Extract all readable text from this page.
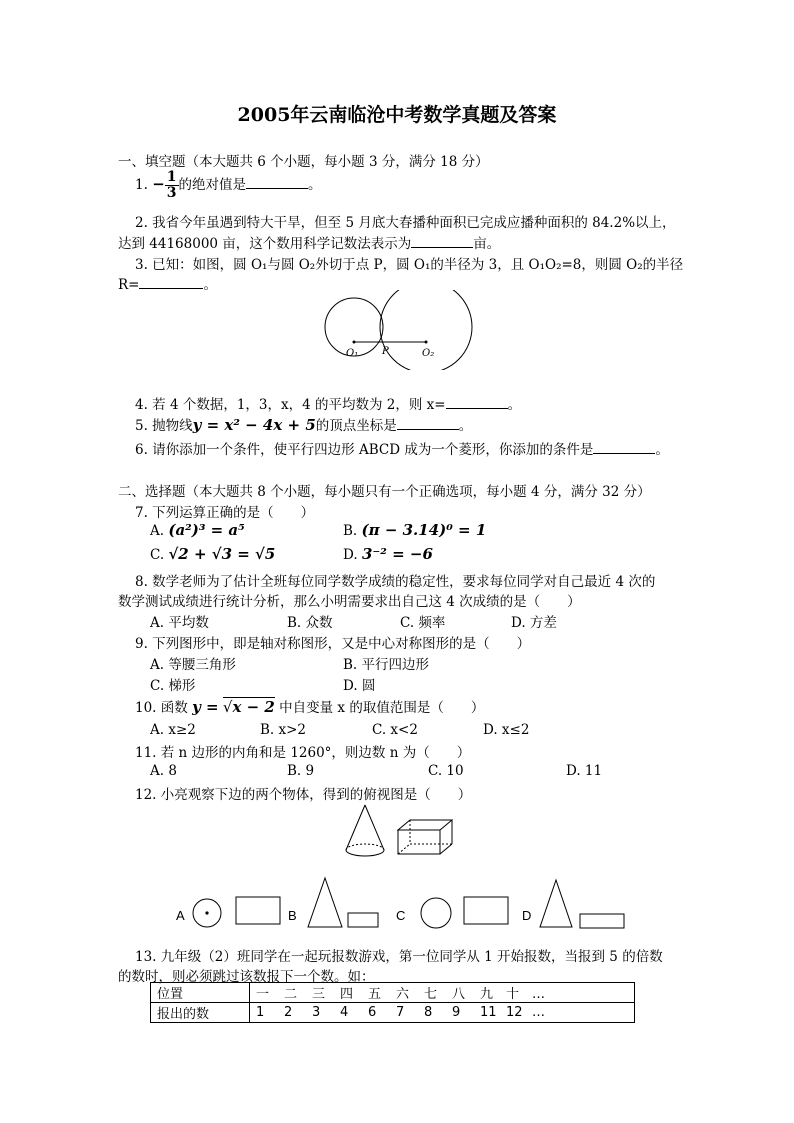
2005年云南临沧中考数学真题及答案
一、填空题（本大题共 6 个小题，每小题 3 分，满分 18 分）
1. − $\frac{1}{3}$ 的绝对值是	。
2. 我省今年虽遇到特大干旱，但至 5 月底大春播种面积已完成应播种面积的 84.2%以上，
达到 44168000 亩，这个数用科学记数法表示为	亩。
3. 已知：如图，圆 O₁与圆 O₂外切于点 P，圆 O₁的半径为 3，且 O₁O₂=8，则圆 O₂的半径
R=	。
O₁ P	O₂
4. 若 4 个数据，1，3，x，4 的平均数为 2，则 x=	。
5. 抛物线y = x² − 4x + 5的顶点坐标是	。
6. 请你添加一个条件，使平行四边形 ABCD 成为一个菱形，你添加的条件是	。
二、选择题（本大题共 8 个小题，每小题只有一个正确选项，每小题 4 分，满分 32 分）
7. 下列运算正确的是（　　）
A. (a²)³ = a⁵	B. (π − 3.14)⁰ = 1
C. √2 + √3 = √5	D. 3⁻² = −6
8. 数学老师为了估计全班每位同学数学成绩的稳定性，要求每位同学对自己最近 4 次的
数学测试成绩进行统计分析，那么小明需要求出自己这 4 次成绩的是（　　）
A. 平均数	B. 众数	C. 频率	D. 方差
9. 下列图形中，即是轴对称图形，又是中心对称图形的是（　　）
A. 等腰三角形	B. 平行四边形
C. 梯形	D. 圆
10. 函数 y = √x − 2 中自变量 x 的取值范围是（　　）
A. x≥2	B. x>2	C. x<2	D. x≤2
11. 若 n 边形的内角和是 1260°，则边数 n 为（　　）
A. 8	B. 9	C. 10	D. 11
12. 小亮观察下边的两个物体，得到的俯视图是（　　）
A	B	C	D
13. 九年级（2）班同学在一起玩报数游戏，第一位同学从 1 开始报数，当报到 5 的倍数
的数时，则必须跳过该数报下一个数。如：
位置	一 二 三 四 五 六 七 八 九 十 …
报出的数	1 2 3 4 6 7 8 9 11 12 …
